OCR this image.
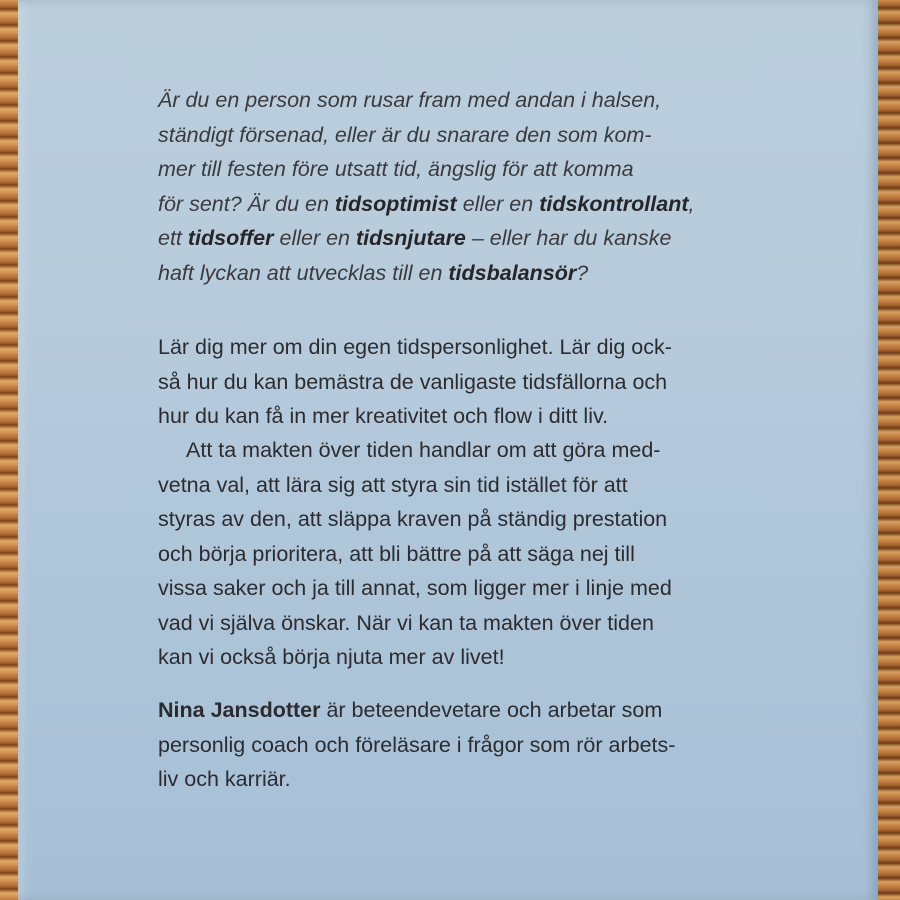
Är du en person som rusar fram med andan i halsen,
ständigt försenad, eller är du snarare den som kom-
mer till festen före utsatt tid, ängslig för att komma
för sent? Är du en tidsoptimist eller en tidskontrollant,
ett tidsoffer eller en tidsnjutare – eller har du kanske
haft lyckan att utvecklas till en tidsbalansör?
Lär dig mer om din egen tidspersonlighet. Lär dig ock-
så hur du kan bemästra de vanligaste tidsfällorna och
hur du kan få in mer kreativitet och flow i ditt liv.
Att ta makten över tiden handlar om att göra med-
vetna val, att lära sig att styra sin tid istället för att
styras av den, att släppa kraven på ständig prestation
och börja prioritera, att bli bättre på att säga nej till
vissa saker och ja till annat, som ligger mer i linje med
vad vi själva önskar. När vi kan ta makten över tiden
kan vi också börja njuta mer av livet!
Nina Jansdotter är beteendevetare och arbetar som
personlig coach och föreläsare i frågor som rör arbets-
liv och karriär.
